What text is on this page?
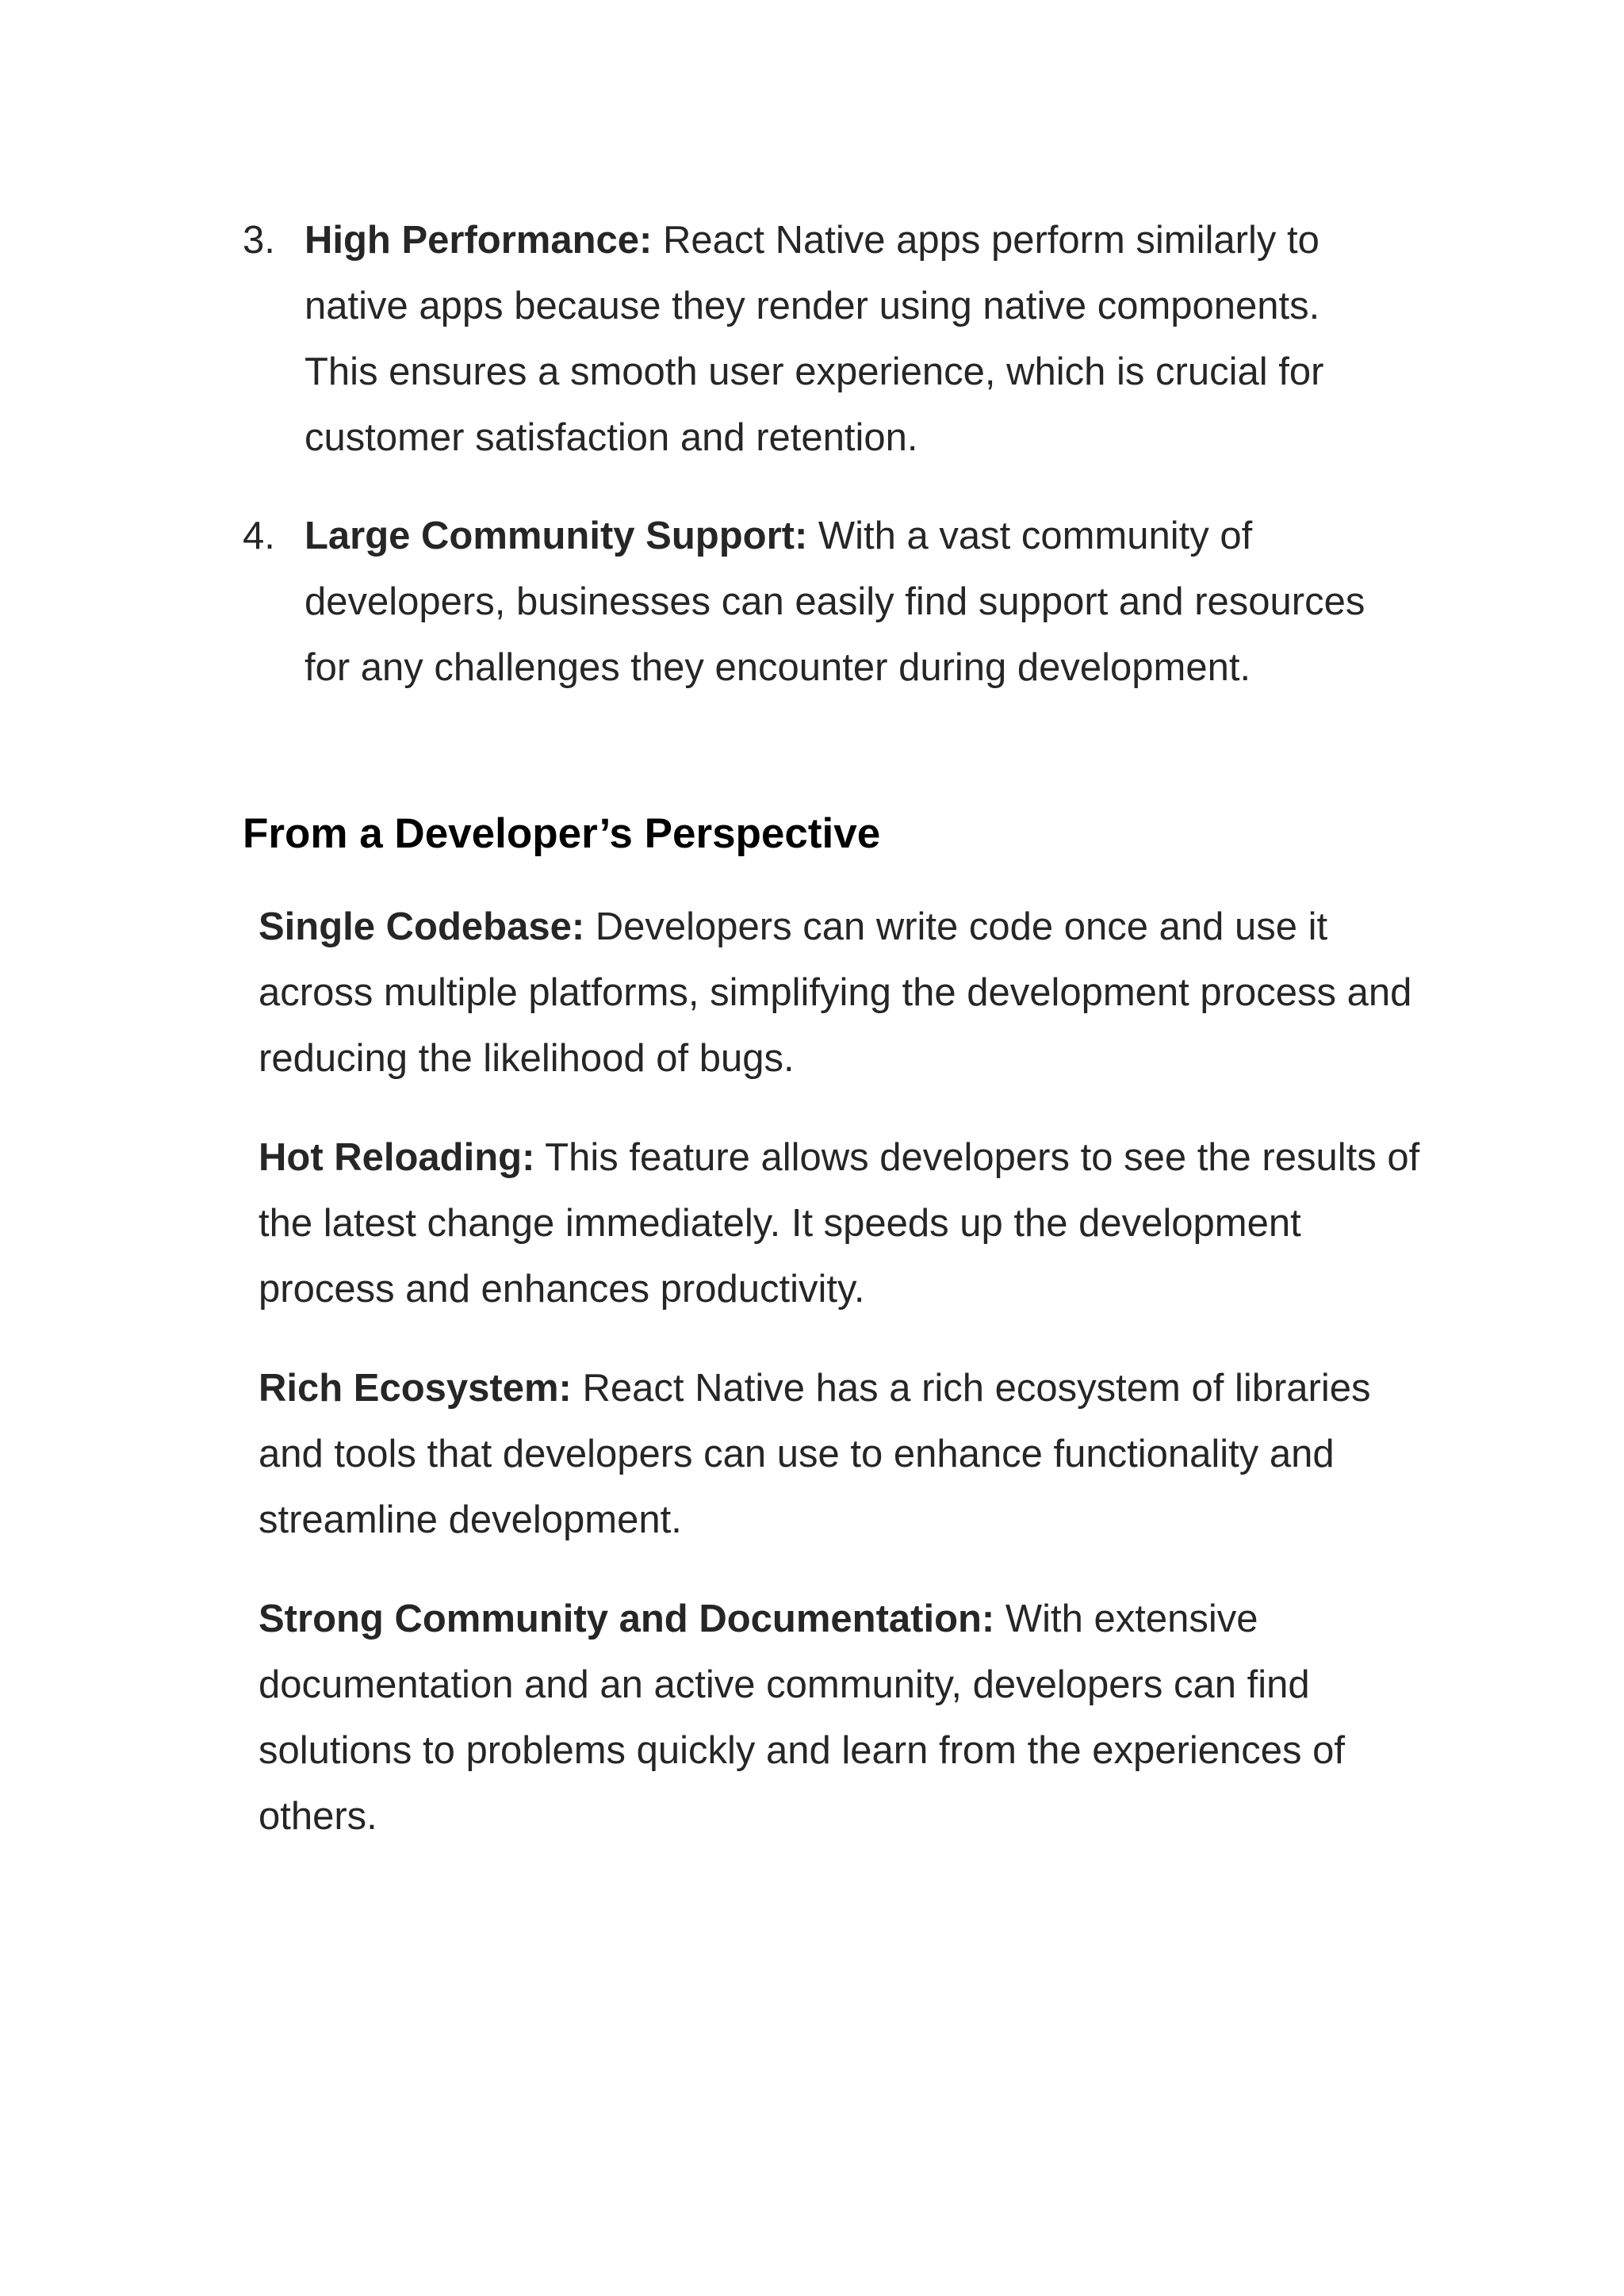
3. High Performance: React Native apps perform similarly to native apps because they render using native components. This ensures a smooth user experience, which is crucial for customer satisfaction and retention.
4. Large Community Support: With a vast community of developers, businesses can easily find support and resources for any challenges they encounter during development.
From a Developer’s Perspective

Single Codebase: Developers can write code once and use it across multiple platforms, simplifying the development process and reducing the likelihood of bugs.

Hot Reloading: This feature allows developers to see the results of the latest change immediately. It speeds up the development process and enhances productivity.

Rich Ecosystem: React Native has a rich ecosystem of libraries and tools that developers can use to enhance functionality and streamline development.

Strong Community and Documentation: With extensive documentation and an active community, developers can find solutions to problems quickly and learn from the experiences of others.
